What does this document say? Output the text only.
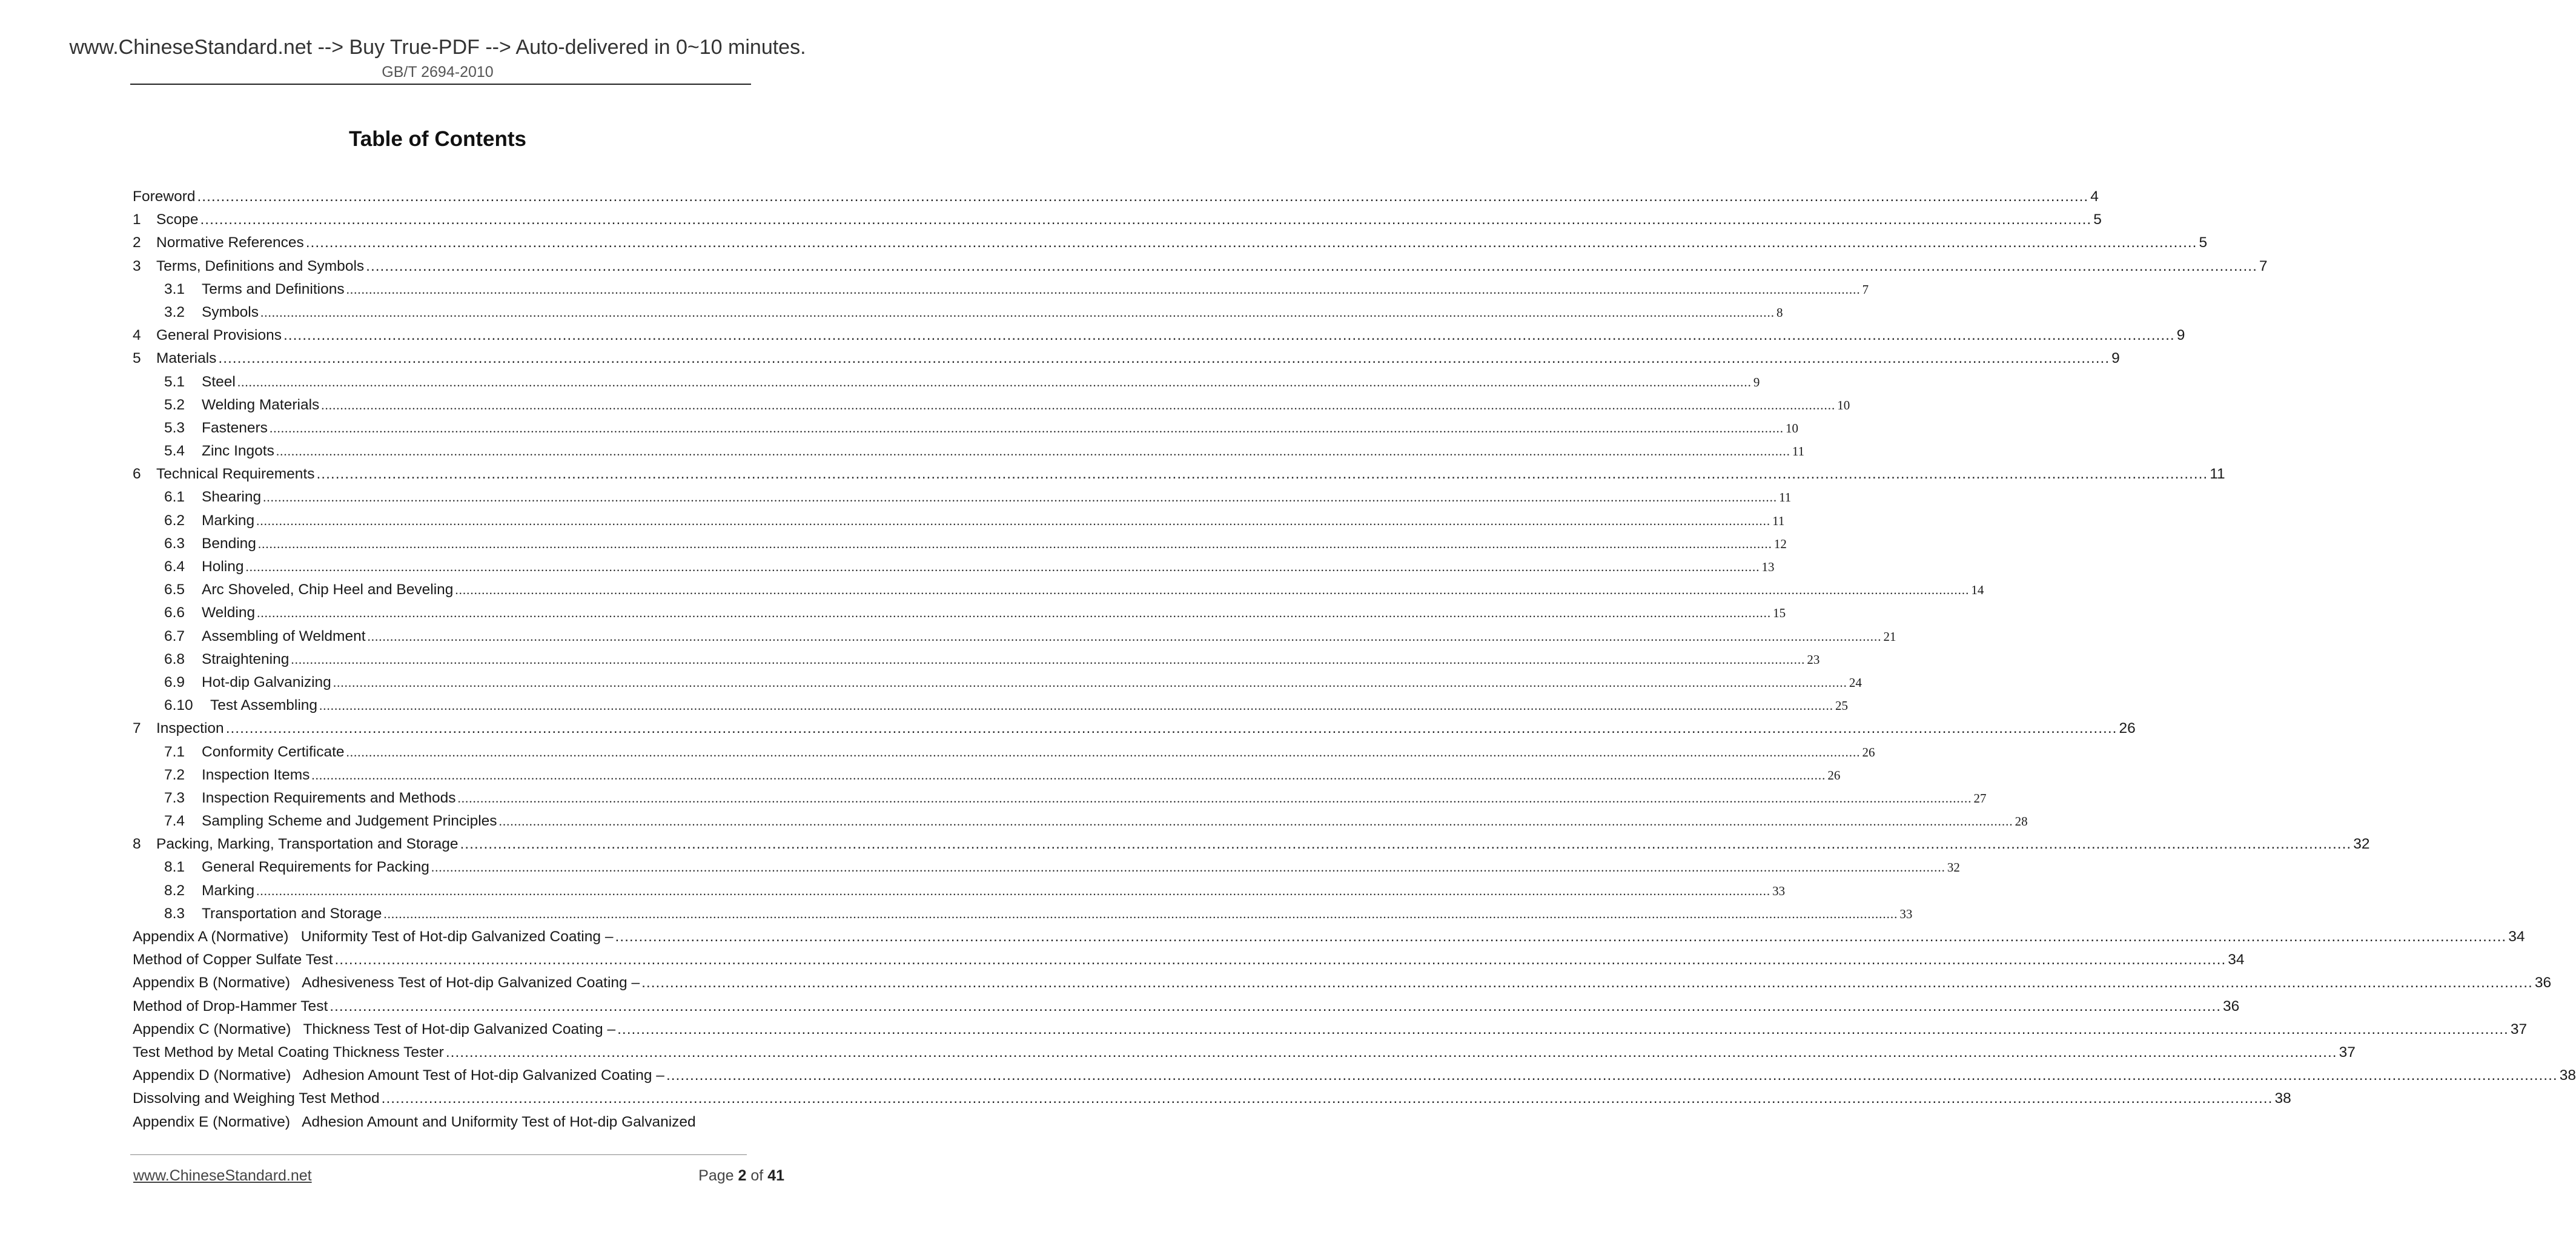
www.ChineseStandard.net --> Buy True-PDF --> Auto-delivered in 0~10 minutes.
GB/T 2694-2010
Table of Contents
Foreword ................................................................................................................................................................................................................................................................................................................................................................................................................ 4
1	Scope ................................................................................................................................................................................................................................................................................................................................................................................................................ 5
2	Normative References ................................................................................................................................................................................................................................................................................................................................................................................................................ 5
3	Terms, Definitions and Symbols ................................................................................................................................................................................................................................................................................................................................................................................................................ 7
3.1	Terms and Definitions ................................................................................................................................................................................................................................................................................................................................................................................................................ 7
3.2	Symbols ................................................................................................................................................................................................................................................................................................................................................................................................................ 8
4	General Provisions ................................................................................................................................................................................................................................................................................................................................................................................................................ 9
5	Materials ................................................................................................................................................................................................................................................................................................................................................................................................................ 9
5.1	Steel ................................................................................................................................................................................................................................................................................................................................................................................................................ 9
5.2	Welding Materials ................................................................................................................................................................................................................................................................................................................................................................................................................ 10
5.3	Fasteners ................................................................................................................................................................................................................................................................................................................................................................................................................ 10
5.4	Zinc Ingots ................................................................................................................................................................................................................................................................................................................................................................................................................ 11
6	Technical Requirements ................................................................................................................................................................................................................................................................................................................................................................................................................ 11
6.1	Shearing ................................................................................................................................................................................................................................................................................................................................................................................................................ 11
6.2	Marking ................................................................................................................................................................................................................................................................................................................................................................................................................ 11
6.3	Bending ................................................................................................................................................................................................................................................................................................................................................................................................................ 12
6.4	Holing ................................................................................................................................................................................................................................................................................................................................................................................................................ 13
6.5	Arc Shoveled, Chip Heel and Beveling ................................................................................................................................................................................................................................................................................................................................................................................................................ 14
6.6	Welding ................................................................................................................................................................................................................................................................................................................................................................................................................ 15
6.7	Assembling of Weldment ................................................................................................................................................................................................................................................................................................................................................................................................................ 21
6.8	Straightening ................................................................................................................................................................................................................................................................................................................................................................................................................ 23
6.9	Hot-dip Galvanizing ................................................................................................................................................................................................................................................................................................................................................................................................................ 24
6.10	Test Assembling ................................................................................................................................................................................................................................................................................................................................................................................................................ 25
7	Inspection ................................................................................................................................................................................................................................................................................................................................................................................................................ 26
7.1	Conformity Certificate ................................................................................................................................................................................................................................................................................................................................................................................................................ 26
7.2	Inspection Items ................................................................................................................................................................................................................................................................................................................................................................................................................ 26
7.3	Inspection Requirements and Methods ................................................................................................................................................................................................................................................................................................................................................................................................................ 27
7.4	Sampling Scheme and Judgement Principles ................................................................................................................................................................................................................................................................................................................................................................................................................ 28
8	Packing, Marking, Transportation and Storage ................................................................................................................................................................................................................................................................................................................................................................................................................ 32
8.1	General Requirements for Packing ................................................................................................................................................................................................................................................................................................................................................................................................................ 32
8.2	Marking ................................................................................................................................................................................................................................................................................................................................................................................................................ 33
8.3	Transportation and Storage ................................................................................................................................................................................................................................................................................................................................................................................................................ 33
Appendix A (Normative)   Uniformity Test of Hot-dip Galvanized Coating – ................................................................................................................................................................................................................................................................................................................................................................................................................ 34
Method of Copper Sulfate Test ................................................................................................................................................................................................................................................................................................................................................................................................................ 34
Appendix B (Normative)   Adhesiveness Test of Hot-dip Galvanized Coating – ................................................................................................................................................................................................................................................................................................................................................................................................................ 36
Method of Drop-Hammer Test ................................................................................................................................................................................................................................................................................................................................................................................................................ 36
Appendix C (Normative)   Thickness Test of Hot-dip Galvanized Coating – ................................................................................................................................................................................................................................................................................................................................................................................................................ 37
Test Method by Metal Coating Thickness Tester ................................................................................................................................................................................................................................................................................................................................................................................................................ 37
Appendix D (Normative)   Adhesion Amount Test of Hot-dip Galvanized Coating – ................................................................................................................................................................................................................................................................................................................................................................................................................ 38
Dissolving and Weighing Test Method ................................................................................................................................................................................................................................................................................................................................................................................................................ 38
Appendix E (Normative)   Adhesion Amount and Uniformity Test of Hot-dip Galvanized
www.ChineseStandard.net	Page 2 of 41
